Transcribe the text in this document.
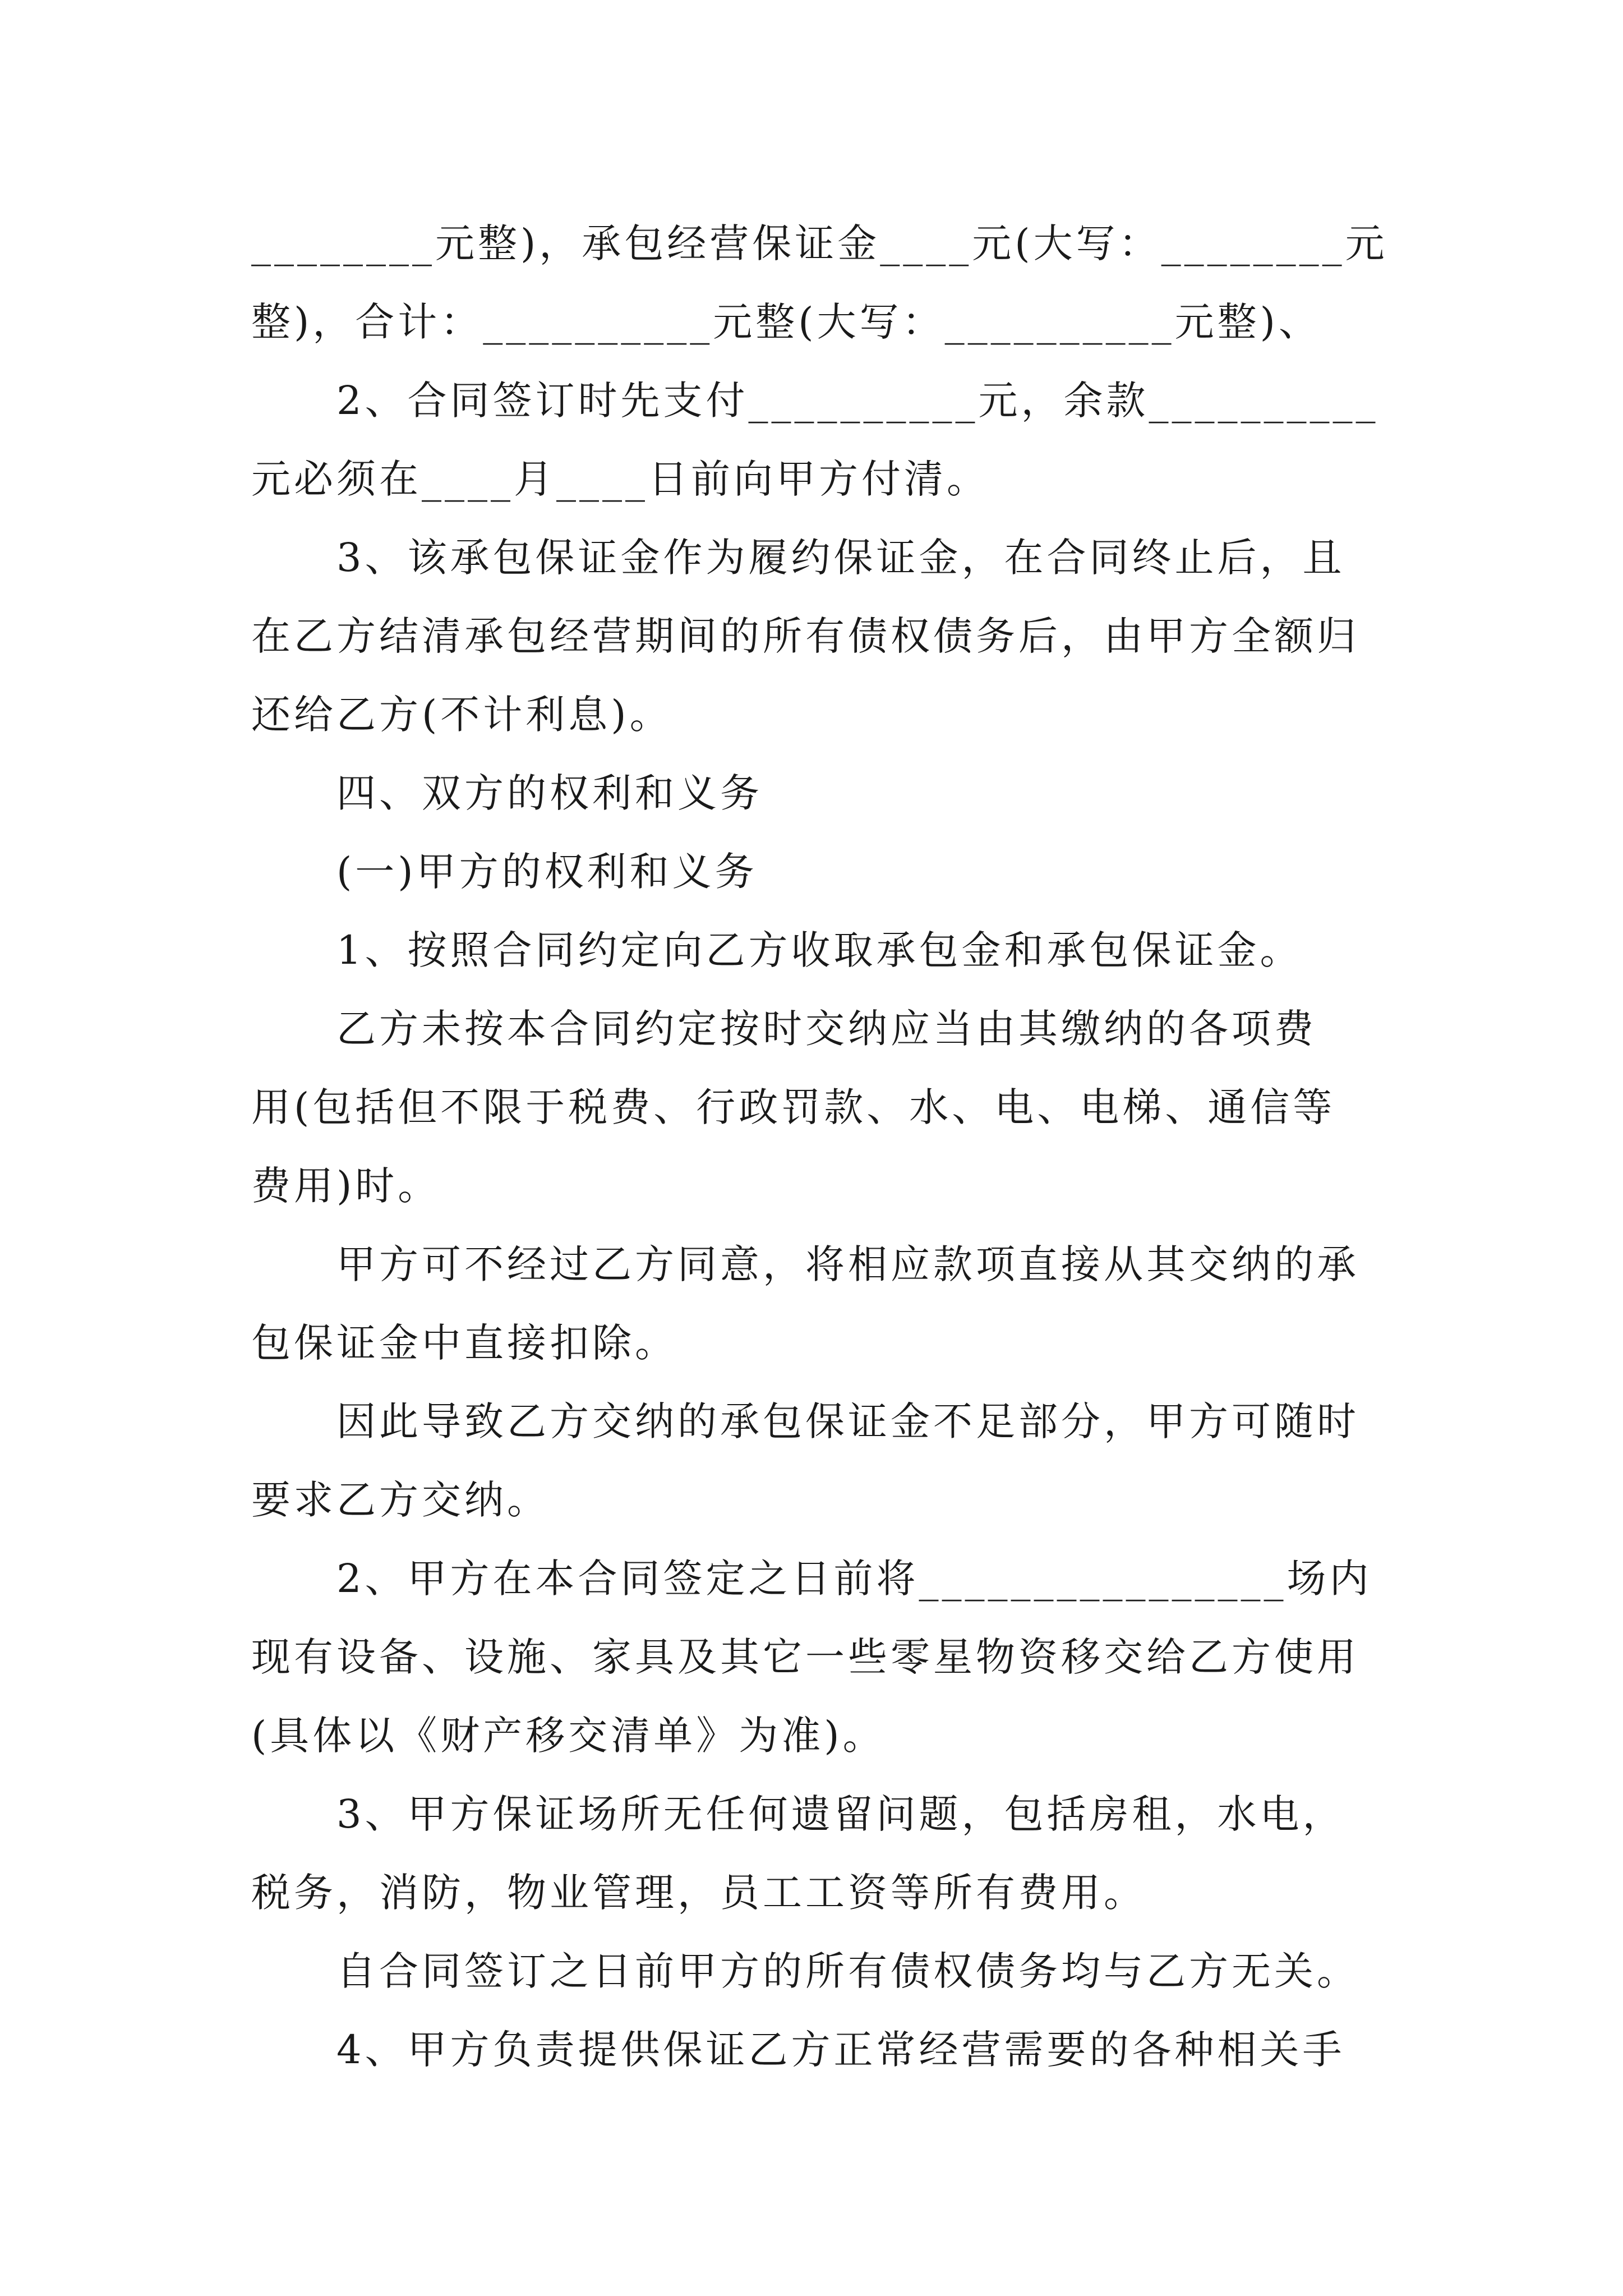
________元整)，承包经营保证金____元(大写：________元
整)，合计：__________元整(大写：__________元整)、
2、合同签订时先支付__________元，余款__________
元必须在____月____日前向甲方付清。
3、该承包保证金作为履约保证金，在合同终止后，且
在乙方结清承包经营期间的所有债权债务后，由甲方全额归
还给乙方(不计利息)。
四、双方的权利和义务
(一)甲方的权利和义务
1、按照合同约定向乙方收取承包金和承包保证金。
乙方未按本合同约定按时交纳应当由其缴纳的各项费
用(包括但不限于税费、行政罚款、水、电、电梯、通信等
费用)时。
甲方可不经过乙方同意，将相应款项直接从其交纳的承
包保证金中直接扣除。
因此导致乙方交纳的承包保证金不足部分，甲方可随时
要求乙方交纳。
2、甲方在本合同签定之日前将________________场内
现有设备、设施、家具及其它一些零星物资移交给乙方使用
(具体以《财产移交清单》为准)。
3、甲方保证场所无任何遗留问题，包括房租，水电，
税务，消防，物业管理，员工工资等所有费用。
自合同签订之日前甲方的所有债权债务均与乙方无关。
4、甲方负责提供保证乙方正常经营需要的各种相关手
